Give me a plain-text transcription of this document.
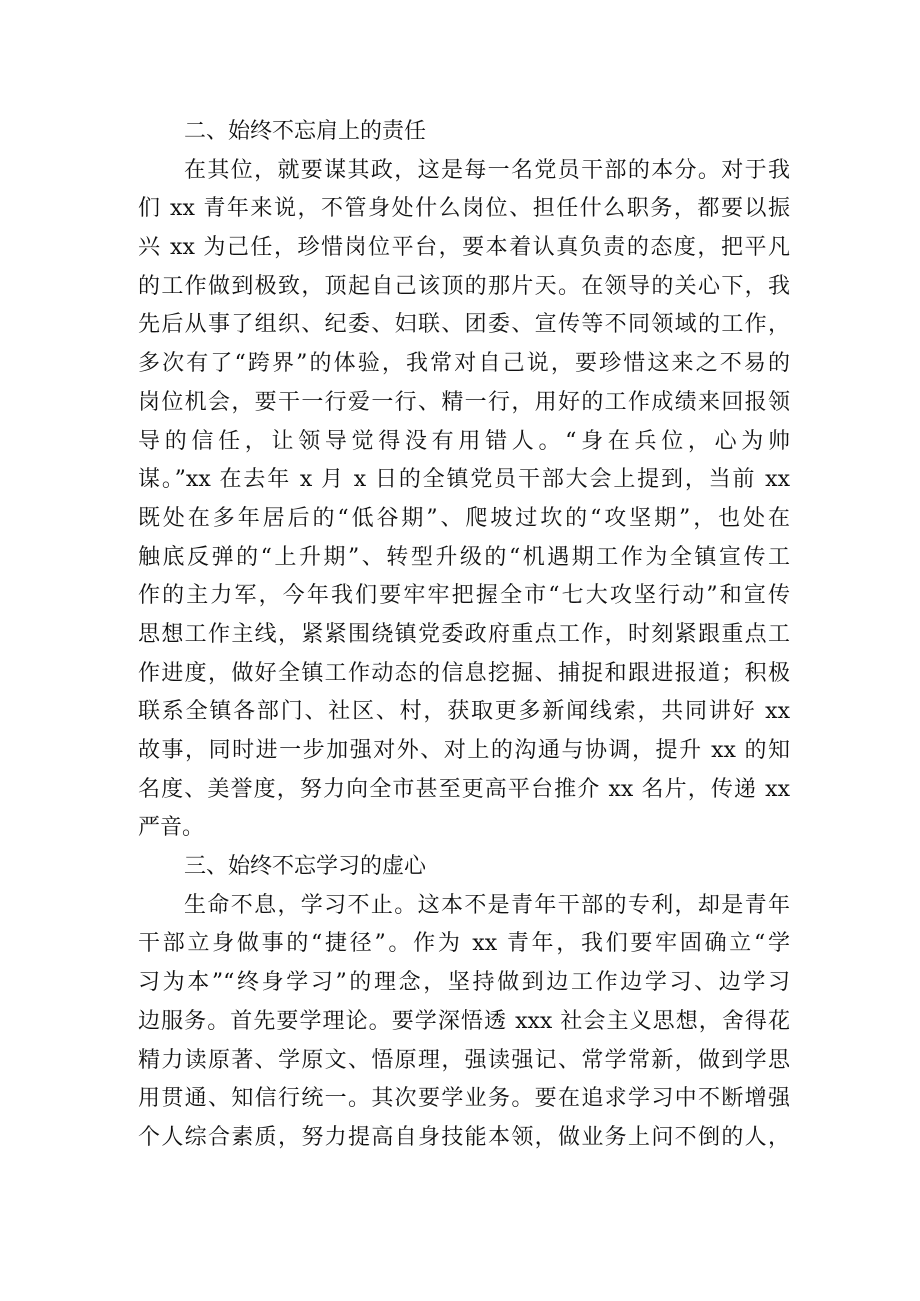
二、始终不忘肩上的责任
在其位，就要谋其政，这是每一名党员干部的本分。对于我
们 xx 青年来说，不管身处什么岗位、担任什么职务，都要以振
兴 xx 为己任，珍惜岗位平台，要本着认真负责的态度，把平凡
的工作做到极致，顶起自己该顶的那片天。在领导的关心下，我
先后从事了组织、纪委、妇联、团委、宣传等不同领域的工作，
多次有了“跨界”的体验，我常对自己说，要珍惜这来之不易的
岗位机会，要干一行爱一行、精一行，用好的工作成绩来回报领
导的信任，让领导觉得没有用错人。“身在兵位，心为帅
谋。”xx 在去年 x 月 x 日的全镇党员干部大会上提到，当前 xx
既处在多年居后的“低谷期”、爬坡过坎的“攻坚期”，也处在
触底反弹的“上升期”、转型升级的“机遇期工作为全镇宣传工
作的主力军，今年我们要牢牢把握全市“七大攻坚行动”和宣传
思想工作主线，紧紧围绕镇党委政府重点工作，时刻紧跟重点工
作进度，做好全镇工作动态的信息挖掘、捕捉和跟进报道；积极
联系全镇各部门、社区、村，获取更多新闻线索，共同讲好 xx
故事，同时进一步加强对外、对上的沟通与协调，提升 xx 的知
名度、美誉度，努力向全市甚至更高平台推介 xx 名片，传递 xx
严音。
三、始终不忘学习的虚心
生命不息，学习不止。这本不是青年干部的专利，却是青年
干部立身做事的“捷径”。作为 xx 青年，我们要牢固确立“学
习为本”“终身学习”的理念，坚持做到边工作边学习、边学习
边服务。首先要学理论。要学深悟透 xxx 社会主义思想，舍得花
精力读原著、学原文、悟原理，强读强记、常学常新，做到学思
用贯通、知信行统一。其次要学业务。要在追求学习中不断增强
个人综合素质，努力提高自身技能本领，做业务上问不倒的人，
